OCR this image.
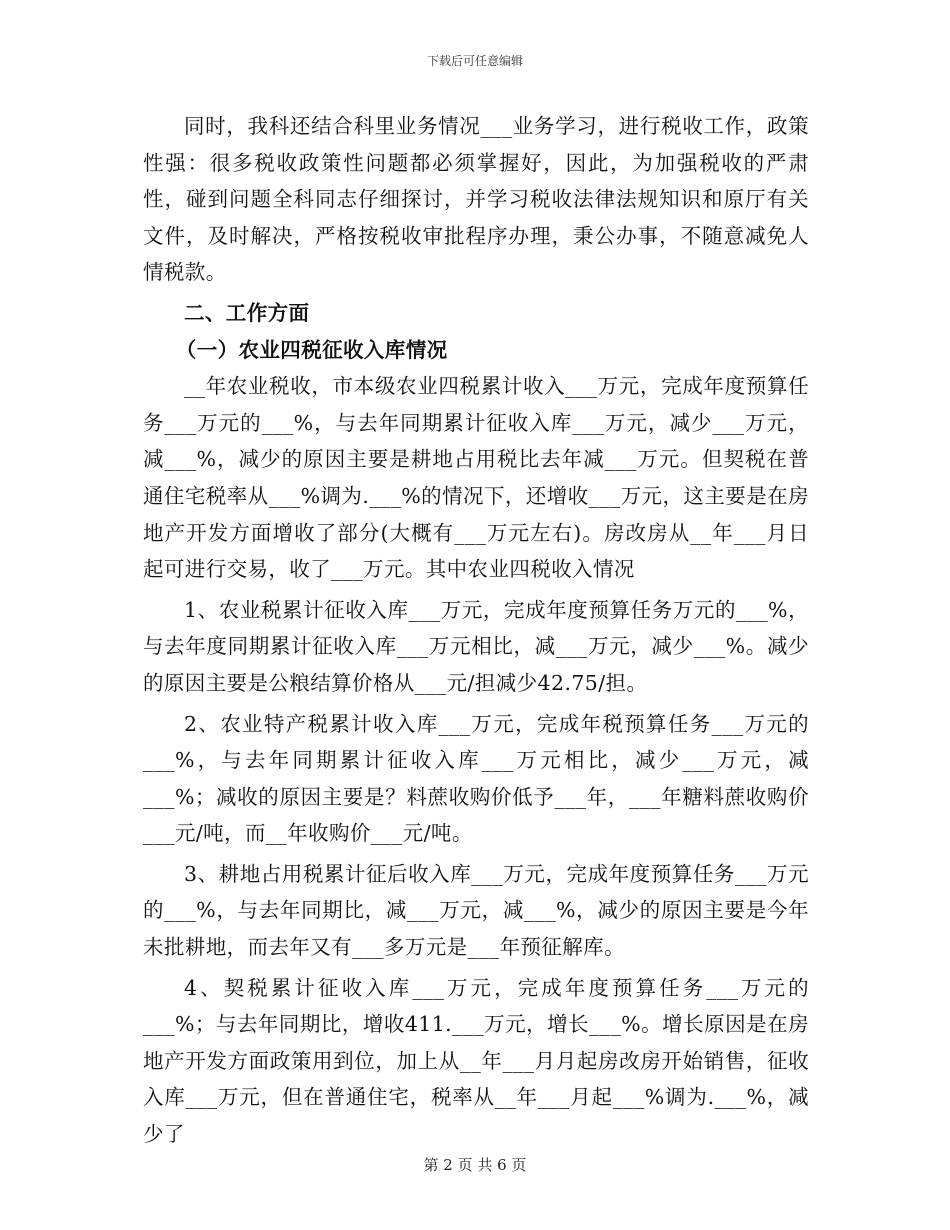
下载后可任意编辑

同时，我科还结合科里业务情况___业务学习，进行税收工作，政策性强：很多税收政策性问题都必须掌握好，因此，为加强税收的严肃性，碰到问题全科同志仔细探讨，并学习税收法律法规知识和原厅有关文件，及时解决，严格按税收审批程序办理，秉公办事，不随意减免人情税款。

二、工作方面
（一）农业四税征收入库情况

__年农业税收，市本级农业四税累计收入___万元，完成年度预算任务___万元的___%，与去年同期累计征收入库___万元，减少___万元，减___%，减少的原因主要是耕地占用税比去年减___万元。但契税在普通住宅税率从___%调为.___%的情况下，还增收___万元，这主要是在房地产开发方面增收了部分(大概有___万元左右)。房改房从__年___月日起可进行交易，收了___万元。其中农业四税收入情况

1、农业税累计征收入库___万元，完成年度预算任务万元的___%，与去年度同期累计征收入库___万元相比，减___万元，减少___%。减少的原因主要是公粮结算价格从___元/担减少42.75/担。

2、农业特产税累计收入库___万元，完成年税预算任务___万元的___%，与去年同期累计征收入库___万元相比，减少___万元，减___%；减收的原因主要是？料蔗收购价低予___年，___年糖料蔗收购价___元/吨，而__年收购价___元/吨。

3、耕地占用税累计征后收入库___万元，完成年度预算任务___万元的___%，与去年同期比，减___万元，减___%，减少的原因主要是今年未批耕地，而去年又有___多万元是___年预征解库。

4、契税累计征收入库___万元，完成年度预算任务___万元的___%；与去年同期比，增收411.___万元，增长___%。增长原因是在房地产开发方面政策用到位，加上从__年___月月起房改房开始销售，征收入库___万元，但在普通住宅，税率从__年___月起___%调为.___%，减少了

第 2 页 共 6 页
